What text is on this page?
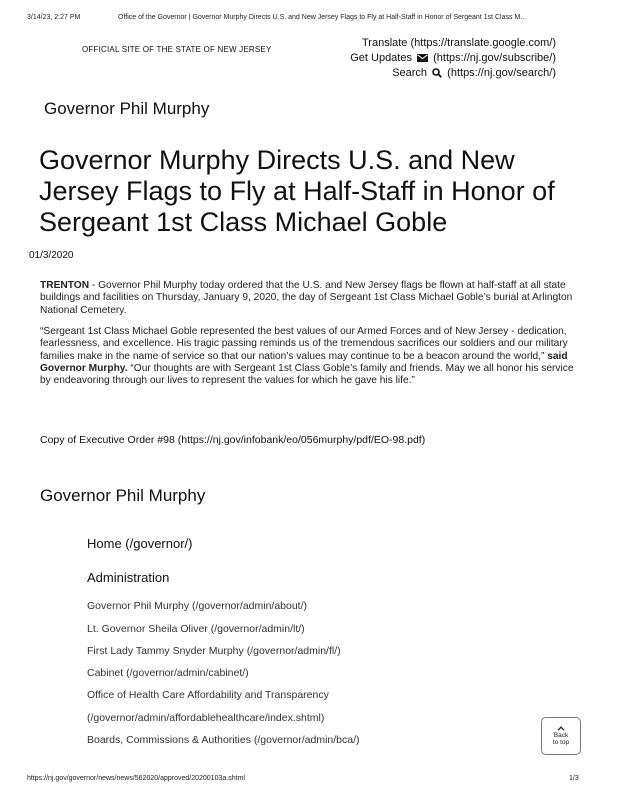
3/14/23, 2:27 PM	Office of the Governor | Governor Murphy Directs U.S. and New Jersey Flags to Fly at Half-Staff in Honor of Sergeant 1st Class M…
https://nj.gov/governor/news/news/562020/approved/20200103a.shtml	1/3
OFFICIAL SITE OF THE STATE OF NEW JERSEY
Translate (https://translate.google.com/)
Get Updates (https://nj.gov/subscribe/)
Search (https://nj.gov/search/)
Governor Phil Murphy
Governor Murphy Directs U.S. and New Jersey Flags to Fly at Half-Staff in Honor of Sergeant 1st Class Michael Goble
01/3/2020
TRENTON - Governor Phil Murphy today ordered that the U.S. and New Jersey flags be flown at half-staff at all state buildings and facilities on Thursday, January 9, 2020, the day of Sergeant 1st Class Michael Goble’s burial at Arlington National Cemetery.
“Sergeant 1st Class Michael Goble represented the best values of our Armed Forces and of New Jersey - dedication, fearlessness, and excellence. His tragic passing reminds us of the tremendous sacrifices our soldiers and our military families make in the name of service so that our nation’s values may continue to be a beacon around the world,” said Governor Murphy. “Our thoughts are with Sergeant 1st Class Goble’s family and friends. May we all honor his service by endeavoring through our lives to represent the values for which he gave his life.”
Copy of Executive Order #98 (https://nj.gov/infobank/eo/056murphy/pdf/EO-98.pdf)
Governor Phil Murphy
Home (/governor/)
Administration
Governor Phil Murphy (/governor/admin/about/)
Lt. Governor Sheila Oliver (/governor/admin/lt/)
First Lady Tammy Snyder Murphy (/governor/admin/fl/)
Cabinet (/governor/admin/cabinet/)
Office of Health Care Affordability and Transparency
(/governor/admin/affordablehealthcare/index.shtml)
Boards, Commissions & Authorities (/governor/admin/bca/)	Back
to top
